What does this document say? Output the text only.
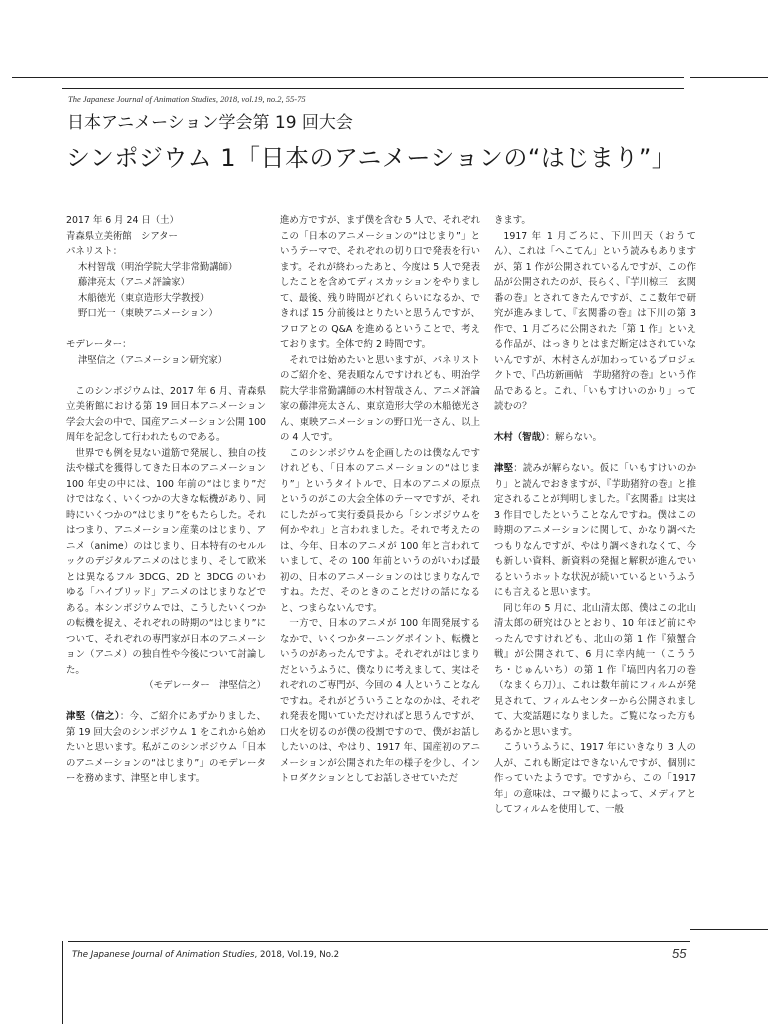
The Japanese Journal of Animation Studies, 2018, vol.19, no.2, 55-75
日本アニメーション学会第 19 回大会
シンポジウム 1「日本のアニメーションの“はじまり”」

2017 年 6 月 24 日（土）

青森県立美術館　シアター

パネリスト：

木村智哉（明治学院大学非常勤講師）

藤津亮太（アニメ評論家）

木船徳光（東京造形大学教授）

野口光一（東映アニメーション）

モデレーター：

津堅信之（アニメーション研究家）

このシンポジウムは、2017 年 6 月、青森県立美術館における第 19 回日本アニメーション学会大会の中で、国産アニメーション公開 100 周年を記念して行われたものである。

世界でも例を見ない道筋で発展し、独自の技法や様式を獲得してきた日本のアニメーション 100 年史の中には、100 年前の“はじまり”だけではなく、いくつかの大きな転機があり、同時にいくつかの“はじまり”をもたらした。それはつまり、アニメーション産業のはじまり、アニメ（anime）のはじまり、日本特有のセルルックのデジタルアニメのはじまり、そして欧米とは異なるフル 3DCG、2D と 3DCG のいわゆる「ハイブリッド」アニメのはじまりなどである。本シンポジウムでは、こうしたいくつかの転機を捉え、それぞれの時期の“はじまり”について、それぞれの専門家が日本のアニメーション（アニメ）の独自性や今後について討論した。

（モデレーター　津堅信之）

津堅（信之）：今、ご紹介にあずかりました、第 19 回大会のシンポジウム 1 をこれから始めたいと思います。私がこのシンポジウム「日本のアニメーションの“はじまり”」のモデレーターを務めます、津堅と申します。

進め方ですが、まず僕を含む 5 人で、それぞれこの「日本のアニメーションの“はじまり”」というテーマで、それぞれの切り口で発表を行います。それが終わったあと、今度は 5 人で発表したことを含めてディスカッションをやりまして、最後、残り時間がどれくらいになるか、できれば 15 分前後はとりたいと思うんですが、フロアとの Q&A を進めるということで、考えております。全体で約 2 時間です。

それでは始めたいと思いますが、パネリストのご紹介を、発表順なんですけれども、明治学院大学非常勤講師の木村智哉さん、アニメ評論家の藤津亮太さん、東京造形大学の木船徳光さん、東映アニメーションの野口光一さん、以上の 4 人です。

このシンポジウムを企画したのは僕なんですけれども、「日本のアニメーションの“はじまり”」というタイトルで、日本のアニメの原点というのがこの大会全体のテーマですが、それにしたがって実行委員長から「シンポジウムを何かやれ」と言われました。それで考えたのは、今年、日本のアニメが 100 年と言われていまして、その 100 年前というのがいわば最初の、日本のアニメーションのはじまりなんですね。ただ、そのときのことだけの話になると、つまらないんです。

一方で、日本のアニメが 100 年間発展するなかで、いくつかターニングポイント、転機というのがあったんですよ。それぞれがはじまりだというふうに、僕なりに考えまして、実はそれぞれのご専門が、今回の 4 人ということなんですね。それがどういうことなのかは、それぞれ発表を聞いていただければと思うんですが、口火を切るのが僕の役割ですので、僕がお話ししたいのは、やはり、1917 年、国産初のアニメーションが公開された年の様子を少し、イントロダクションとしてお話しさせていただ

きます。

1917 年 1 月ごろに、下川凹天（おうてん）、これは「へこてん」という読みもありますが、第 1 作が公開されているんですが、この作品が公開されたのが、長らく、『芋川椋三　玄関番の巻』とされてきたんですが、ここ数年で研究が進みまして、『玄関番の巻』は下川の第 3 作で、1 月ごろに公開された「第 1 作」といえる作品が、はっきりとはまだ断定はされていないんですが、木村さんが加わっているプロジェクトで、『凸坊新画帖　芋助猪狩の巻』という作品であると。これ、「いもすけいのかり」って読むの？

木村（智哉）：解らない。

津堅：読みが解らない。仮に「いもすけいのかり」と読んでおきますが、『芋助猪狩の巻』と推定されることが判明しました。『玄関番』は実は 3 作目でしたということなんですね。僕はこの時期のアニメーションに関して、かなり調べたつもりなんですが、やはり調べきれなくて、今も新しい資料、新資料の発掘と解釈が進んでいるというホットな状況が続いているというふうにも言えると思います。

同じ年の 5 月に、北山清太郎、僕はこの北山清太郎の研究はひととおり、10 年ほど前にやったんですけれども、北山の第 1 作『猿蟹合戦』が公開されて、6 月に幸内純一（こううち・じゅんいち）の第 1 作『塙凹内名刀の巻（なまくら刀）』、これは数年前にフィルムが発見されて、フィルムセンターから公開されまして、大変話題になりました。ご覧になった方もあるかと思います。

こういうふうに、1917 年にいきなり 3 人の人が、これも断定はできないんですが、個別に作っていたようです。ですから、この「1917 年」の意味は、コマ撮りによって、メディアとしてフィルムを使用して、一般

The Japanese Journal of Animation Studies, 2018, Vol.19, No.2	55
